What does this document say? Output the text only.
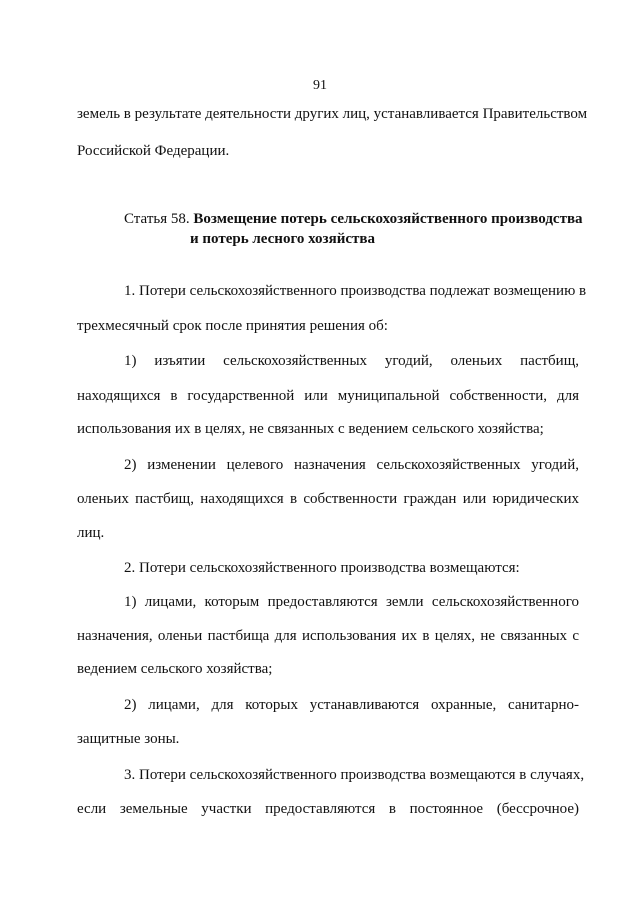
91
земель в результате деятельности других лиц, устанавливается Правительством
Российской Федерации.
Статья 58. Возмещение потерь сельскохозяйственного производства
и потерь лесного хозяйства
1. Потери сельскохозяйственного производства подлежат возмещению в
трехмесячный срок после принятия решения об:
1) изъятии сельскохозяйственных угодий, оленьих пастбищ,
находящихся в государственной или муниципальной собственности, для
использования их в целях, не связанных с ведением сельского хозяйства;
2) изменении целевого назначения сельскохозяйственных угодий,
оленьих пастбищ, находящихся в собственности граждан или юридических
лиц.
2. Потери сельскохозяйственного производства возмещаются:
1) лицами, которым предоставляются земли сельскохозяйственного
назначения, оленьи пастбища для использования их в целях, не связанных с
ведением сельского хозяйства;
2) лицами, для которых устанавливаются охранные, санитарно-
защитные зоны.
3. Потери сельскохозяйственного производства возмещаются в случаях,
если земельные участки предоставляются в постоянное (бессрочное)
